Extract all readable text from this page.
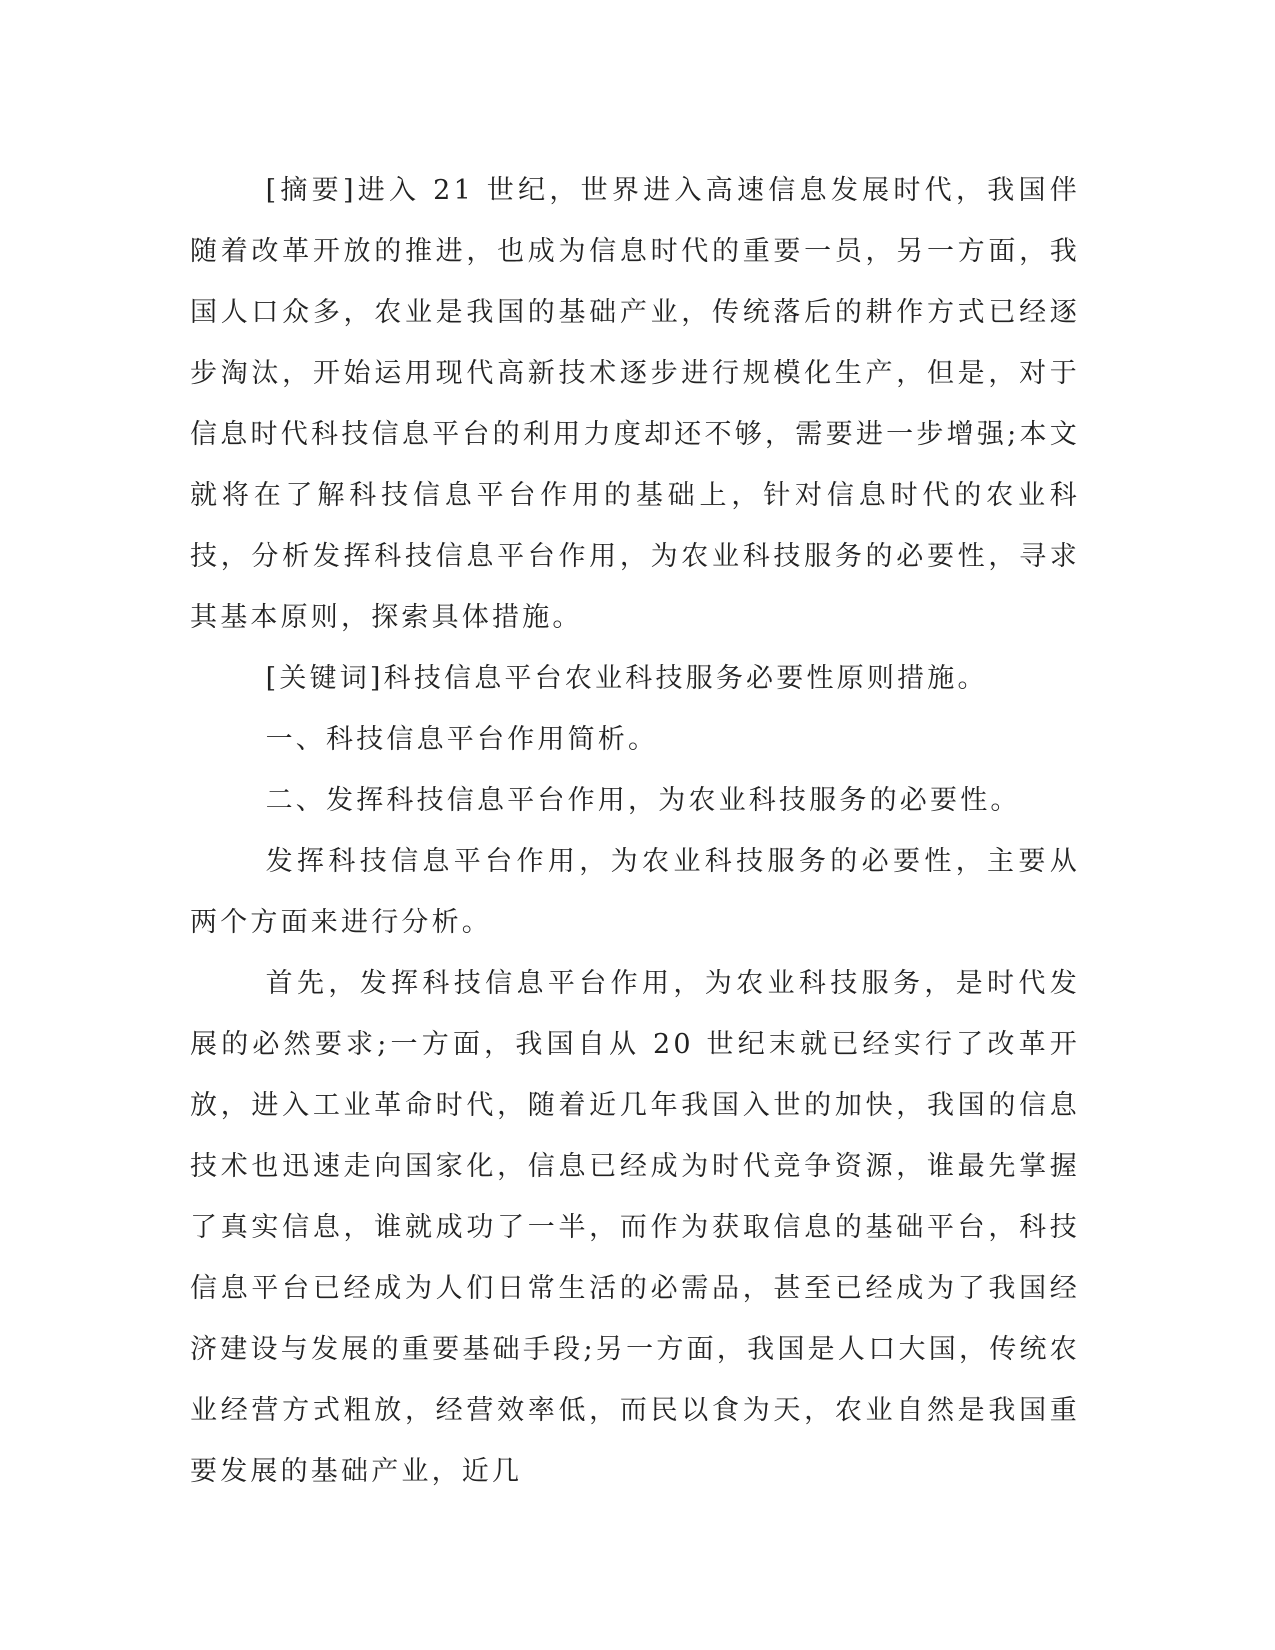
[摘要]进入 21 世纪，世界进入高速信息发展时代，我国伴随着改革开放的推进，也成为信息时代的重要一员，另一方面，我国人口众多，农业是我国的基础产业，传统落后的耕作方式已经逐步淘汰，开始运用现代高新技术逐步进行规模化生产，但是，对于信息时代科技信息平台的利用力度却还不够，需要进一步增强;本文就将在了解科技信息平台作用的基础上，针对信息时代的农业科技，分析发挥科技信息平台作用，为农业科技服务的必要性，寻求其基本原则，探索具体措施。

[关键词]科技信息平台农业科技服务必要性原则措施。

一、科技信息平台作用简析。

二、发挥科技信息平台作用，为农业科技服务的必要性。

发挥科技信息平台作用，为农业科技服务的必要性，主要从两个方面来进行分析。

首先，发挥科技信息平台作用，为农业科技服务，是时代发展的必然要求;一方面，我国自从 20 世纪末就已经实行了改革开放，进入工业革命时代，随着近几年我国入世的加快，我国的信息技术也迅速走向国家化，信息已经成为时代竞争资源，谁最先掌握了真实信息，谁就成功了一半，而作为获取信息的基础平台，科技信息平台已经成为人们日常生活的必需品，甚至已经成为了我国经济建设与发展的重要基础手段;另一方面，我国是人口大国，传统农业经营方式粗放，经营效率低，而民以食为天，农业自然是我国重要发展的基础产业，近几
